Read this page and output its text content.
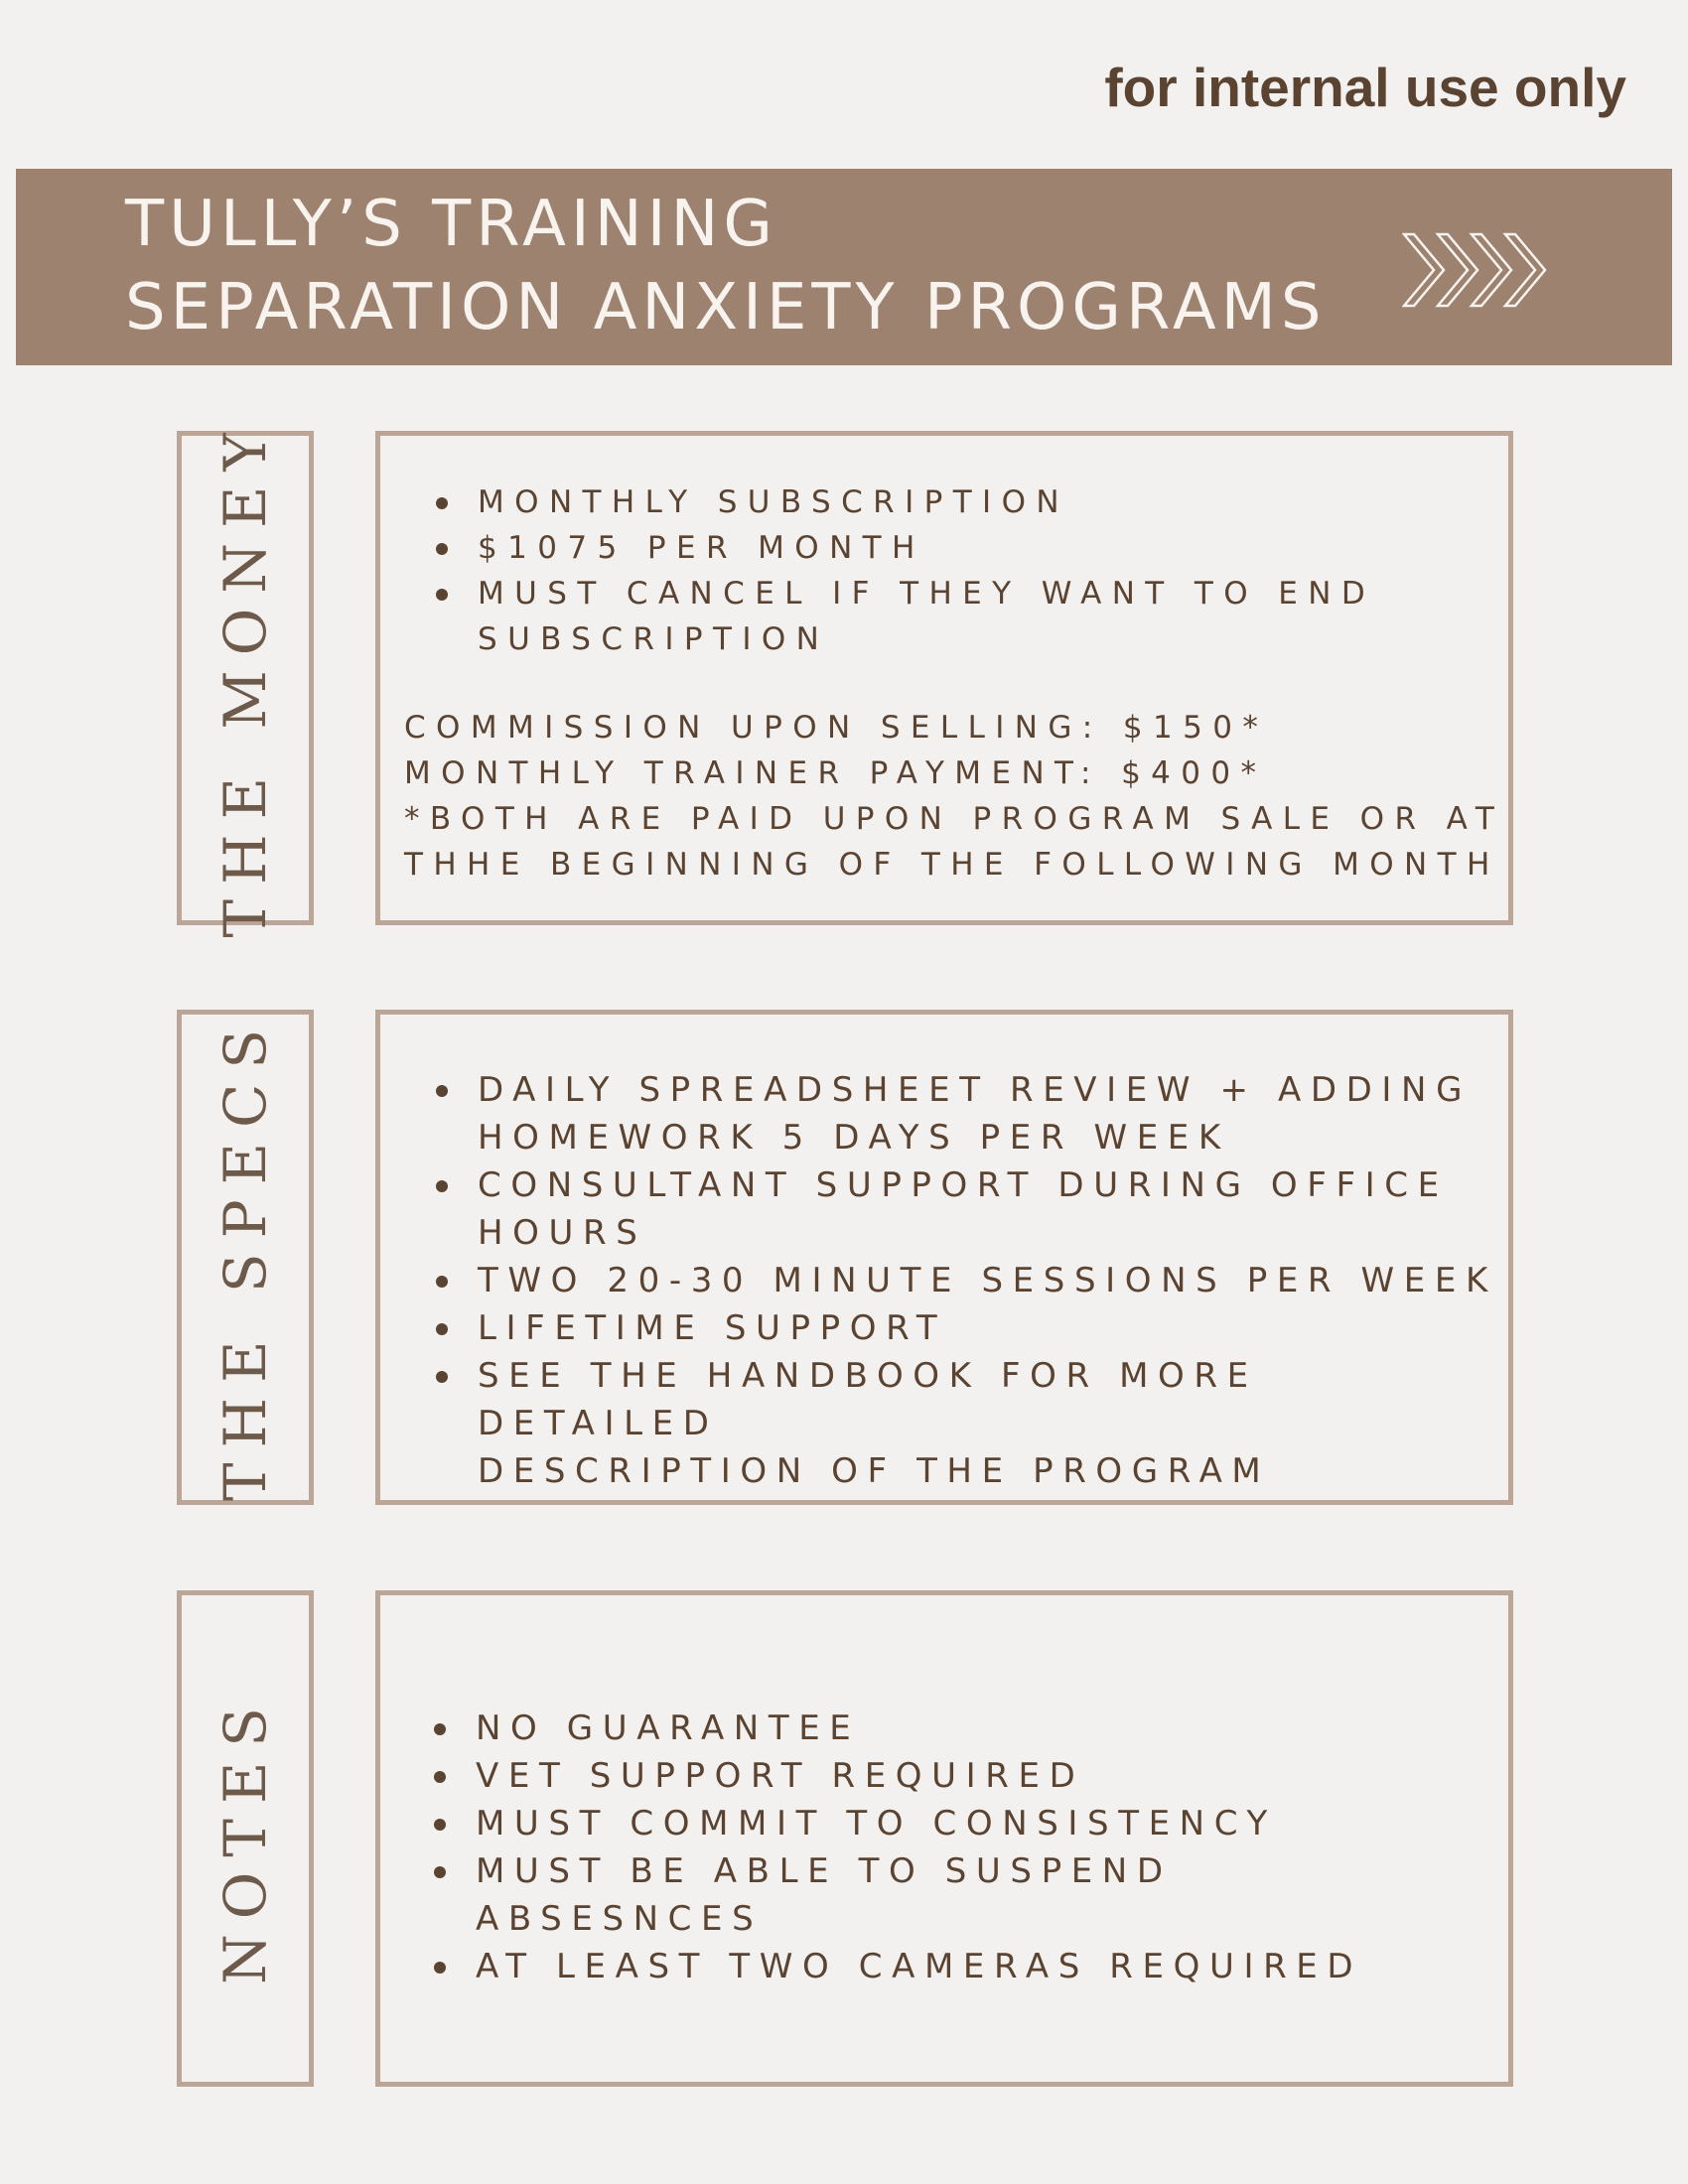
for internal use only
TULLY’S TRAINING
SEPARATION ANXIETY PROGRAMS
THE MONEY	MONTHLY SUBSCRIPTION
$1075 PER MONTH
MUST CANCEL IF THEY WANT TO END SUBSCRIPTION
COMMISSION UPON SELLING: $150*
MONTHLY TRAINER PAYMENT: $400*
*BOTH ARE PAID UPON PROGRAM SALE OR AT
THHE BEGINNING OF THE FOLLOWING MONTH
THE SPECS	DAILY SPREADSHEET REVIEW + ADDING
HOMEWORK 5 DAYS PER WEEK
CONSULTANT SUPPORT DURING OFFICE
HOURS
TWO 20-30 MINUTE SESSIONS PER WEEK
LIFETIME SUPPORT
SEE THE HANDBOOK FOR MORE DETAILED
DESCRIPTION OF THE PROGRAM
NOTES	NO GUARANTEE
VET SUPPORT REQUIRED
MUST COMMIT TO CONSISTENCY
MUST BE ABLE TO SUSPEND ABSESNCES
AT LEAST TWO CAMERAS REQUIRED
